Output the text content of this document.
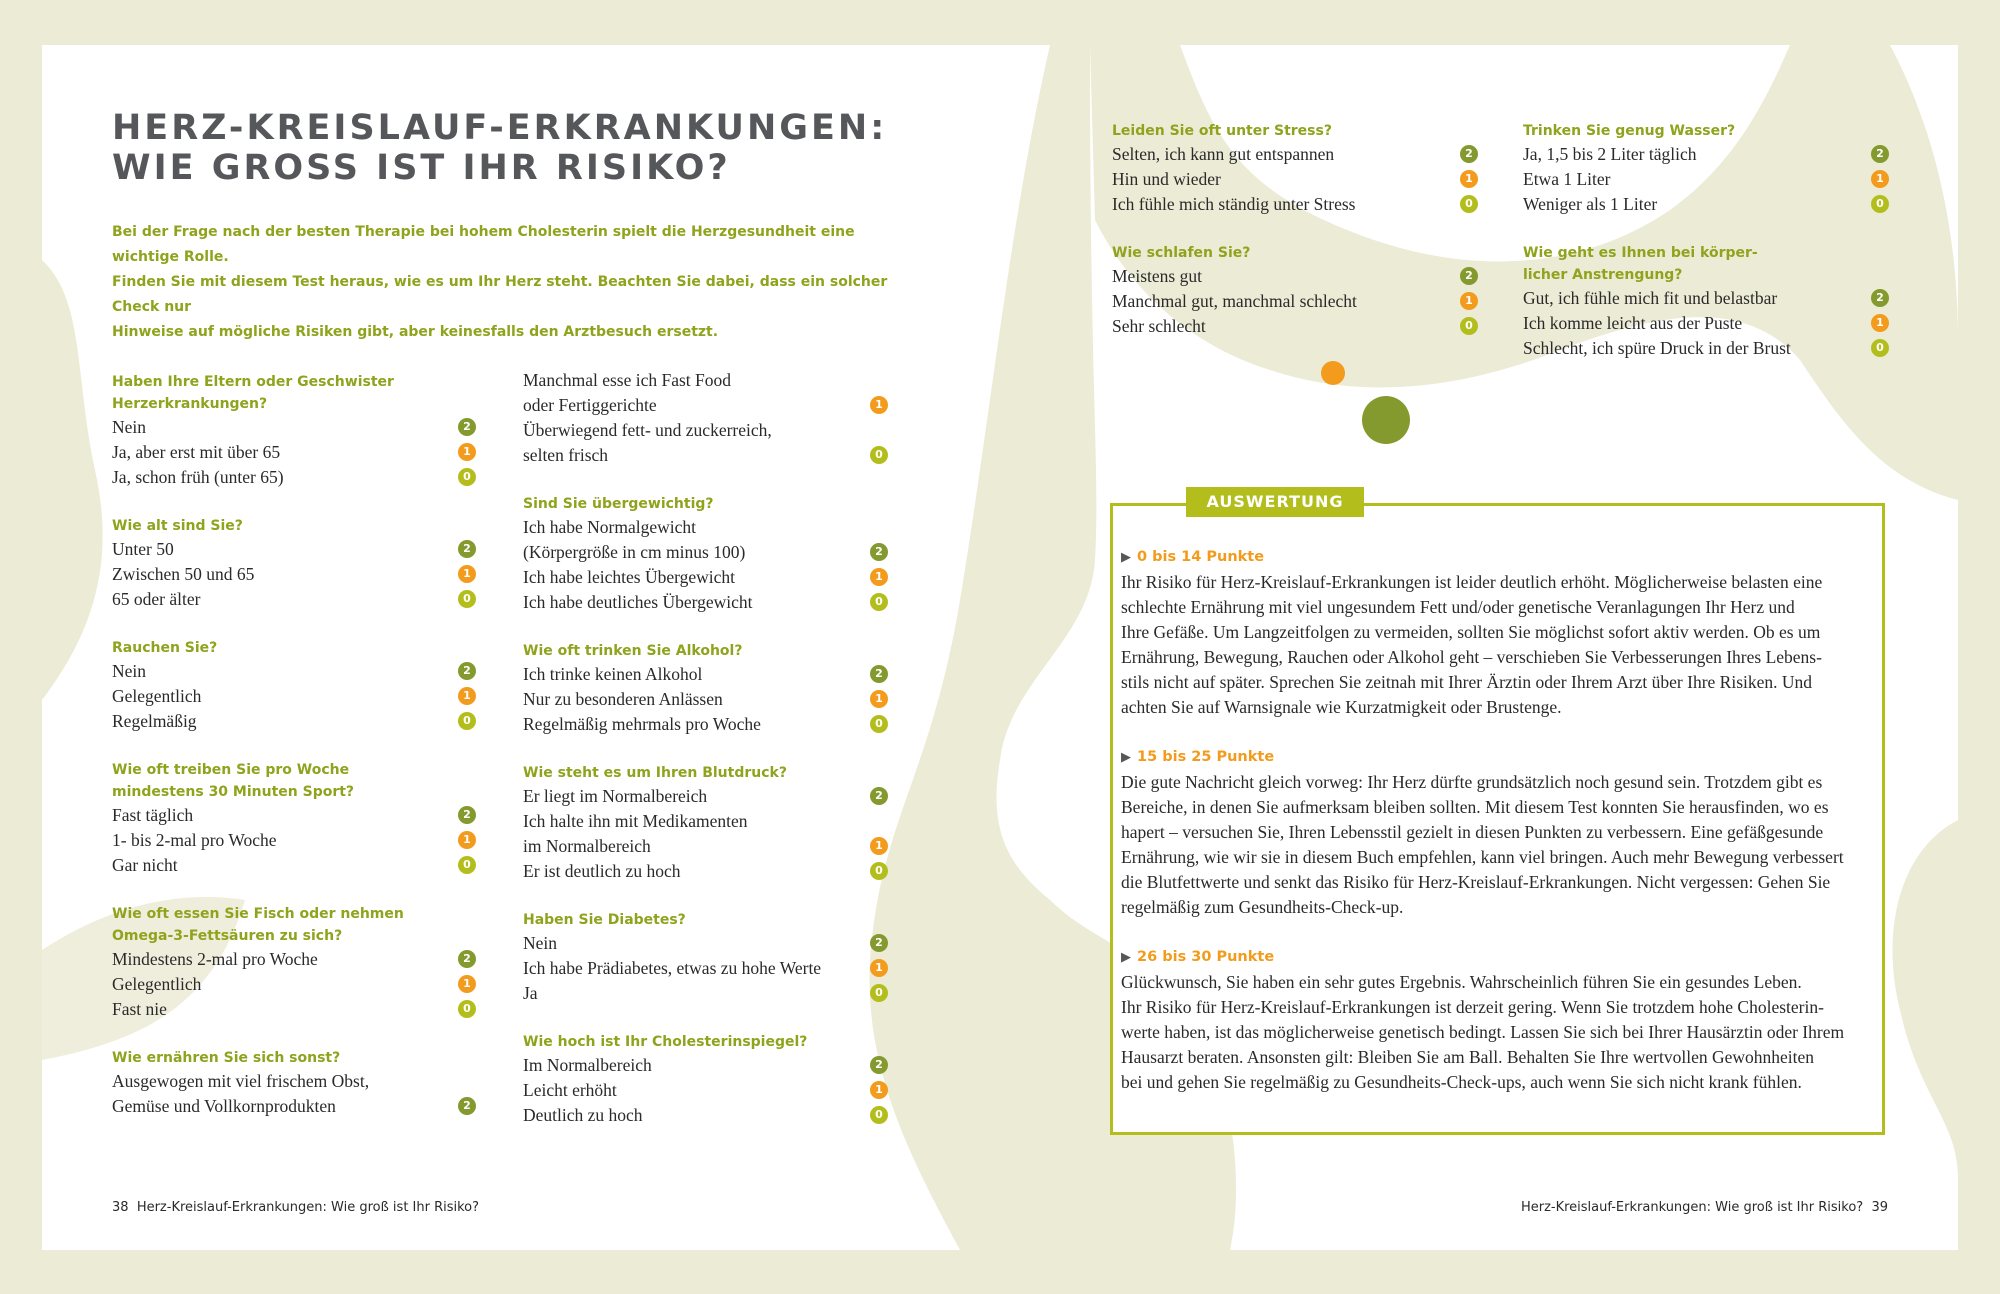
HERZ-KREISLAUF-ERKRANKUNGEN:
WIE GROSS IST IHR RISIKO?

Bei der Frage nach der besten Therapie bei hohem Cholesterin spielt die Herzgesundheit eine wichtige Rolle.
Finden Sie mit diesem Test heraus, wie es um Ihr Herz steht. Beachten Sie dabei, dass ein solcher Check nur
Hinweise auf mögliche Risiken gibt, aber keinesfalls den Arztbesuch ersetzt.

Haben Ihre Eltern oder Geschwister
Herzerkrankungen?

Nein	2
Ja, aber erst mit über 65	1
Ja, schon früh (unter 65)	0

Wie alt sind Sie?

Unter 50	2
Zwischen 50 und 65	1
65 oder älter	0

Rauchen Sie?

Nein	2
Gelegentlich	1
Regelmäßig	0

Wie oft treiben Sie pro Woche
mindestens 30 Minuten Sport?

Fast täglich	2
1- bis 2-mal pro Woche	1
Gar nicht	0

Wie oft essen Sie Fisch oder nehmen
Omega-3-Fettsäuren zu sich?

Mindestens 2-mal pro Woche	2
Gelegentlich	1
Fast nie	0

Wie ernähren Sie sich sonst?

Ausgewogen mit viel frischem Obst,
Gemüse und Vollkornprodukten	2
Manchmal esse ich Fast Food
oder Fertiggerichte	1
Überwiegend fett- und zuckerreich,
selten frisch	0

Sind Sie übergewichtig?

Ich habe Normalgewicht
(Körpergröße in cm minus 100)	2
Ich habe leichtes Übergewicht	1
Ich habe deutliches Übergewicht	0

Wie oft trinken Sie Alkohol?

Ich trinke keinen Alkohol	2
Nur zu besonderen Anlässen	1
Regelmäßig mehrmals pro Woche	0

Wie steht es um Ihren Blutdruck?

Er liegt im Normalbereich	2
Ich halte ihn mit Medikamenten
im Normalbereich	1
Er ist deutlich zu hoch	0

Haben Sie Diabetes?

Nein	2
Ich habe Prädiabetes, etwas zu hohe Werte	1
Ja	0

Wie hoch ist Ihr Cholesterinspiegel?

Im Normalbereich	2
Leicht erhöht	1
Deutlich zu hoch	0

Leiden Sie oft unter Stress?

Selten, ich kann gut entspannen	2
Hin und wieder	1
Ich fühle mich ständig unter Stress	0

Wie schlafen Sie?

Meistens gut	2
Manchmal gut, manchmal schlecht	1
Sehr schlecht	0

Trinken Sie genug Wasser?

Ja, 1,5 bis 2 Liter täglich	2
Etwa 1 Liter	1
Weniger als 1 Liter	0

Wie geht es Ihnen bei körper-
licher Anstrengung?

Gut, ich fühle mich fit und belastbar	2
Ich komme leicht aus der Puste	1
Schlecht, ich spüre Druck in der Brust	0
AUSWERTUNG

▶ 0 bis 14 Punkte

Ihr Risiko für Herz-Kreislauf-Erkrankungen ist leider deutlich erhöht. Möglicherweise belasten eine
schlechte Ernährung mit viel ungesundem Fett und/oder genetische Veranlagungen Ihr Herz und
Ihre Gefäße. Um Langzeitfolgen zu vermeiden, sollten Sie möglichst sofort aktiv werden. Ob es um
Ernährung, Bewegung, Rauchen oder Alkohol geht – verschieben Sie Verbesserungen Ihres Lebens-
stils nicht auf später. Sprechen Sie zeitnah mit Ihrer Ärztin oder Ihrem Arzt über Ihre Risiken. Und
achten Sie auf Warnsignale wie Kurzatmigkeit oder Brustenge.

▶ 15 bis 25 Punkte

Die gute Nachricht gleich vorweg: Ihr Herz dürfte grundsätzlich noch gesund sein. Trotzdem gibt es
Bereiche, in denen Sie aufmerksam bleiben sollten. Mit diesem Test konnten Sie herausfinden, wo es
hapert – versuchen Sie, Ihren Lebensstil gezielt in diesen Punkten zu verbessern. Eine gefäßgesunde
Ernährung, wie wir sie in diesem Buch empfehlen, kann viel bringen. Auch mehr Bewegung verbessert
die Blutfettwerte und senkt das Risiko für Herz-Kreislauf-Erkrankungen. Nicht vergessen: Gehen Sie
regelmäßig zum Gesundheits-Check-up.

▶ 26 bis 30 Punkte

Glückwunsch, Sie haben ein sehr gutes Ergebnis. Wahrscheinlich führen Sie ein gesundes Leben.
Ihr Risiko für Herz-Kreislauf-Erkrankungen ist derzeit gering. Wenn Sie trotzdem hohe Cholesterin-
werte haben, ist das möglicherweise genetisch bedingt. Lassen Sie sich bei Ihrer Hausärztin oder Ihrem
Hausarzt beraten. Ansonsten gilt: Bleiben Sie am Ball. Behalten Sie Ihre wertvollen Gewohnheiten
bei und gehen Sie regelmäßig zu Gesundheits-Check-ups, auch wenn Sie sich nicht krank fühlen.

38 Herz-Kreislauf-Erkrankungen: Wie groß ist Ihr Risiko?	Herz-Kreislauf-Erkrankungen: Wie groß ist Ihr Risiko? 39
